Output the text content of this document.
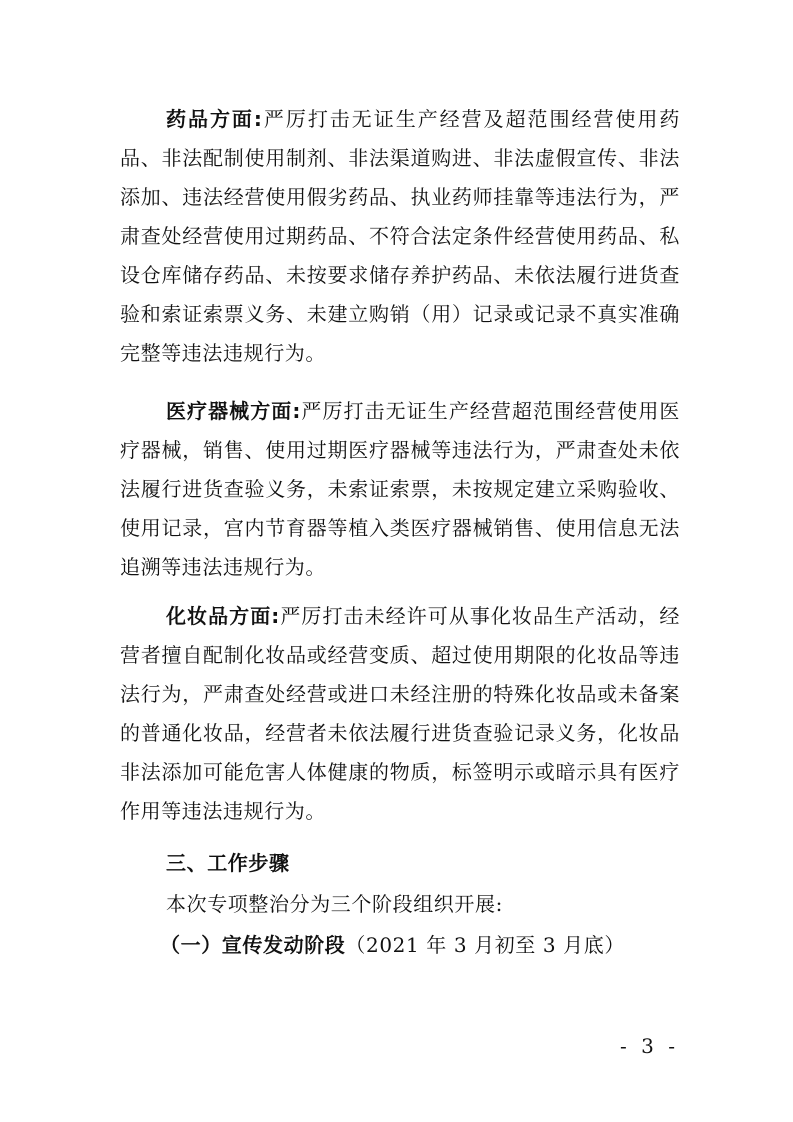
药品方面:严厉打击无证生产经营及超范围经营使用药品、非法配制使用制剂、非法渠道购进、非法虚假宣传、非法添加、违法经营使用假劣药品、执业药师挂靠等违法行为，严肃查处经营使用过期药品、不符合法定条件经营使用药品、私设仓库储存药品、未按要求储存养护药品、未依法履行进货查验和索证索票义务、未建立购销（用）记录或记录不真实准确完整等违法违规行为。

医疗器械方面:严厉打击无证生产经营超范围经营使用医疗器械，销售、使用过期医疗器械等违法行为，严肃查处未依法履行进货查验义务，未索证索票，未按规定建立采购验收、使用记录，宫内节育器等植入类医疗器械销售、使用信息无法追溯等违法违规行为。

化妆品方面:严厉打击未经许可从事化妆品生产活动，经营者擅自配制化妆品或经营变质、超过使用期限的化妆品等违法行为，严肃查处经营或进口未经注册的特殊化妆品或未备案的普通化妆品，经营者未依法履行进货查验记录义务，化妆品非法添加可能危害人体健康的物质，标签明示或暗示具有医疗作用等违法违规行为。

三、工作步骤

本次专项整治分为三个阶段组织开展:

（一）宣传发动阶段（2021 年 3 月初至 3 月底）

- 3 -
